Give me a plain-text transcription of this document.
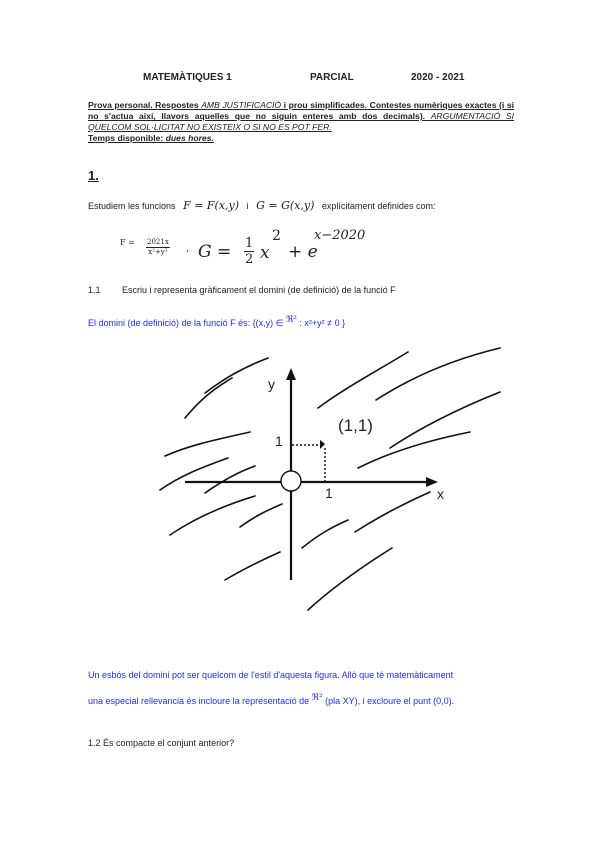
MATEMÀTIQUES 1	PARCIAL	2020 - 2021
Prova personal. Respostes AMB JUSTIFICACIÓ i prou simplificades. Contestes numèriques exactes (i si no s'actua així, llavors aquelles que no siguin enteres amb dos decimals). ARGUMENTACIÓ SI QUELCOM SOL·LICITAT NO EXISTEIX O SI NO ES POT FER.
Temps disponible: dues hores.
1.
Estudiem les funcions F = F(x,y) i G = G(x,y) explícitament definides com:
$F = \frac{2021x}{\text{x²+y²}}$ , $G = \frac{1}{2}$ x
2
+ e
x−2020
1.1 Escriu i representa gràficament el domini (de definició) de la funció F
El domini (de definició) de la funció F és: {(x,y) ∈ $^{ℜ^2}$ : x²+y² ≠ 0 }
y
x
(1,1)
1
1
Un esbós del domini pot ser quelcom de l'estil d'aquesta figura. Allò que té matemàticament
una especial rellevancia és incloure la representació de $^{ℜ^2}$ (pla XY), i excloure el punt (0,0).
1.2 És compacte el conjunt anterior?
